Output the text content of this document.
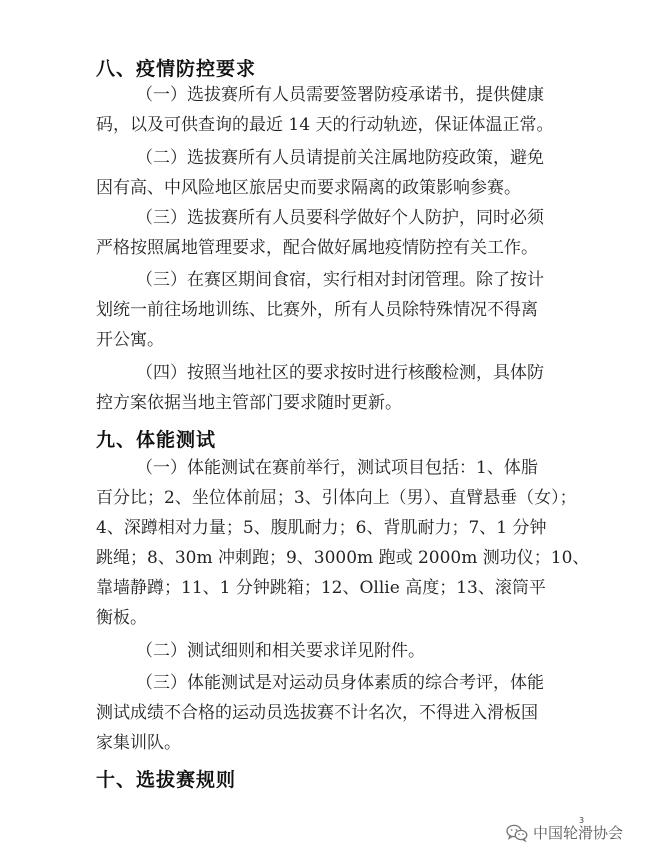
八、疫情防控要求
（一）选拔赛所有人员需要签署防疫承诺书，提供健康
码，以及可供查询的最近 14 天的行动轨迹，保证体温正常。
（二）选拔赛所有人员请提前关注属地防疫政策，避免
因有高、中风险地区旅居史而要求隔离的政策影响参赛。
（三）选拔赛所有人员要科学做好个人防护，同时必须
严格按照属地管理要求，配合做好属地疫情防控有关工作。
（三）在赛区期间食宿，实行相对封闭管理。除了按计
划统一前往场地训练、比赛外，所有人员除特殊情况不得离
开公寓。
（四）按照当地社区的要求按时进行核酸检测，具体防
控方案依据当地主管部门要求随时更新。
九、体能测试
（一）体能测试在赛前举行，测试项目包括：1、体脂
百分比；2、坐位体前屈；3、引体向上（男）、直臂悬垂（女）；
4、深蹲相对力量；5、腹肌耐力；6、背肌耐力；7、1 分钟
跳绳；8、30m 冲刺跑；9、3000m 跑或 2000m 测功仪；10、
靠墙静蹲；11、1 分钟跳箱；12、Ollie 高度；13、滚筒平
衡板。
（二）测试细则和相关要求详见附件。
（三）体能测试是对运动员身体素质的综合考评，体能
测试成绩不合格的运动员选拔赛不计名次，不得进入滑板国
家集训队。
十、选拔赛规则
3
中国轮滑协会
